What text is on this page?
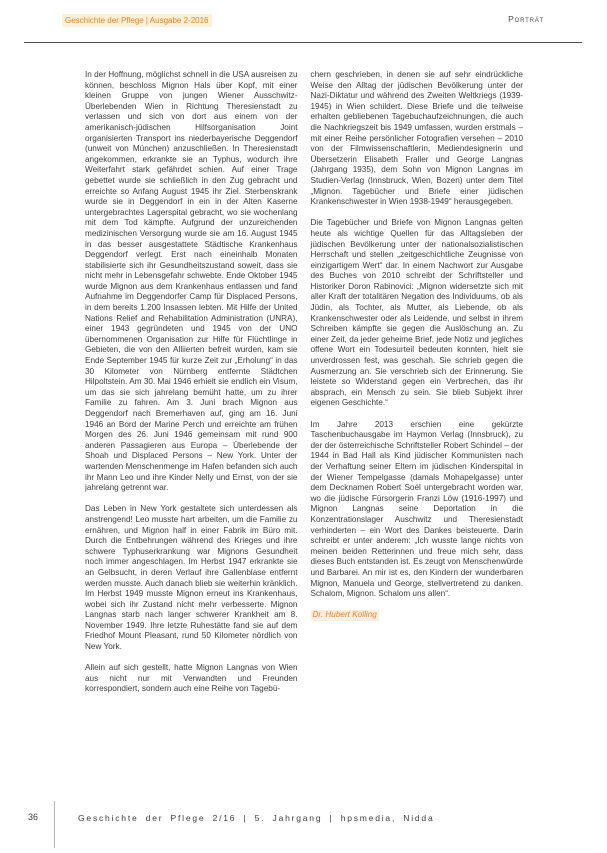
Geschichte der Pflege | Ausgabe 2-2016	Porträt

In der Hoffnung, möglichst schnell in die USA ausreisen zu können, beschloss Mignon Hals über Kopf, mit einer kleinen Gruppe von jungen Wiener Ausschwitz-Überlebenden Wien in Richtung Theresienstadt zu verlassen und sich von dort aus einem von der amerikanisch-jüdischen Hilfsorganisation Joint organisierten Transport ins niederbayerische Deggendorf (unweit von München) anzuschließen. In Theresienstadt angekommen, erkrankte sie an Typhus, wodurch ihre Weiterfahrt stark gefährdet schien. Auf einer Trage gebettet wurde sie schließlich in den Zug gebracht und erreichte so Anfang August 1945 ihr Ziel. Sterbenskrank wurde sie in Deggendorf in ein in der Alten Kaserne untergebrachtes Lagerspital gebracht, wo sie wochenlang mit dem Tod kämpfte. Aufgrund der unzureichenden medizinischen Versorgung wurde sie am 16. August 1945 in das besser ausgestattete Städtische Krankenhaus Deggendorf verlegt. Erst nach eineinhalb Monaten stabilisierte sich ihr Gesundheitszustand soweit, dass sie nicht mehr in Lebensgefahr schwebte. Ende Oktober 1945 wurde Mignon aus dem Krankenhaus entlassen und fand Aufnahme im Deggendorfer Camp für Displaced Persons, in dem bereits 1.200 Insassen lebten. Mit Hilfe der United Nations Relief and Rehabilitation Administration (UNRA), einer 1943 gegründeten und 1945 von der UNO übernommenen Organisation zur Hilfe für Flüchtlinge in Gebieten, die von den Alliierten befreit wurden, kam sie Ende September 1945 für kurze Zeit zur „Erholung“ in das 30 Kilometer von Nürnberg entfernte Städtchen Hilpoltstein. Am 30. Mai 1946 erhielt sie endlich ein Visum, um das sie sich jahrelang bemüht hatte, um zu ihrer Familie zu fahren. Am 3. Juni brach Mignon aus Deggendorf nach Bremerhaven auf, ging am 16. Juni 1946 an Bord der Marine Perch und erreichte am frühen Morgen des 26. Juni 1946 gemeinsam mit rund 900 anderen Passagieren aus Europa – Überlebende der Shoah und Displaced Persons – New York. Unter der wartenden Menschenmenge im Hafen befanden sich auch ihr Mann Leo und ihre Kinder Nelly und Ernst, von der sie jahrelang getrennt war.

Das Leben in New York gestaltete sich unterdessen als anstrengend! Leo musste hart arbeiten, um die Familie zu ernähren, und Mignon half in einer Fabrik im Büro mit. Durch die Entbehrungen während des Krieges und ihre schwere Typhuserkrankung war Mignons Gesundheit noch immer angeschlagen. Im Herbst 1947 erkrankte sie an Gelbsucht, in deren Verlauf ihre Gallenblase entfernt werden musste. Auch danach blieb sie weiterhin kränklich. Im Herbst 1949 musste Mignon erneut ins Krankenhaus, wobei sich ihr Zustand nicht mehr verbesserte. Mignon Langnas starb nach langer schwerer Krankheit am 8. November 1949. Ihre letzte Ruhestätte fand sie auf dem Friedhof Mount Pleasant, rund 50 Kilometer nördlich von New York.

Allein auf sich gestellt, hatte Mignon Langnas von Wien aus nicht nur mit Verwandten und Freunden korrespondiert, sondern auch eine Reihe von Tagebü-

chern geschrieben, in denen sie auf sehr eindrückliche Weise den Alltag der jüdischen Bevölkerung unter der Nazi-Diktatur und während des Zweiten Weltkriegs (1939-1945) in Wien schildert. Diese Briefe und die teilweise erhalten gebliebenen Tagebuchaufzeichnungen, die auch die Nachkriegszeit bis 1949 umfassen, wurden erstmals – mit einer Reihe persönlicher Fotografien versehen – 2010 von der Filmwissenschaftlerin, Mediendesignerin und Übersetzerin Elisabeth Fraller und George Langnas (Jahrgang 1935), dem Sohn von Mignon Langnas im Studien-Verlag (Innsbruck, Wien, Bozen) unter dem Titel „Mignon. Tagebücher und Briefe einer jüdischen Krankenschwester in Wien 1938-1949“ herausgegeben.

Die Tagebücher und Briefe von Mignon Langnas gelten heute als wichtige Quellen für das Alltagsleben der jüdischen Bevölkerung unter der nationalsozialistischen Herrschaft und stellen „zeitgeschichtliche Zeugnisse von einzigartigem Wert“ dar. In einem Nachwort zur Ausgabe des Buches von 2010 schreibt der Schriftsteller und Historiker Doron Rabinovici: „Mignon widersetzte sich mit aller Kraft der totalitären Negation des Individuums, ob als Jüdin, als Tochter, als Mutter, als Liebende, ob als Krankenschwester oder als Leidende, und selbst in ihrem Schreiben kämpfte sie gegen die Auslöschung an. Zu einer Zeit, da jeder geheime Brief, jede Notiz und jegliches offene Wort ein Todesurteil bedeuten konnten, hielt sie unverdrossen fest, was geschah. Sie schrieb gegen die Ausmerzung an. Sie verschrieb sich der Erinnerung. Sie leistete so Widerstand gegen ein Verbrechen, das ihr absprach, ein Mensch zu sein. Sie blieb Subjekt ihrer eigenen Geschichte.“

Im Jahre 2013 erschien eine gekürzte Taschenbuchausgabe im Haymon Verlag (Innsbruck), zu der der österreichische Schriftsteller Robert Schindel – der 1944 in Bad Hall als Kind jüdischer Kommunisten nach der Verhaftung seiner Eltern im jüdischen Kinderspital in der Wiener Tempelgasse (damals Mohapelgasse) unter dem Decknamen Robert Soél untergebracht worden war, wo die jüdische Fürsorgerin Franzi Löw (1916-1997) und Mignon Langnas seine Deportation in die Konzentrationslager Auschwitz und Theresienstadt verhinderten – ein Wort des Dankes beisteuerte. Darin schreibt er unter anderem: „Ich wusste lange nichts von meinen beiden Retterinnen und freue mich sehr, dass dieses Buch entstanden ist. Es zeugt von Menschenwürde und Barbarei. An mir ist es, den Kindern der wunderbaren Mignon, Manuela und George, stellvertretend zu danken. Schalom, Mignon. Schalom uns allen“.

Dr. Hubert Kolling

36	Geschichte der Pflege 2/16 | 5. Jahrgang | hpsmedia, Nidda
